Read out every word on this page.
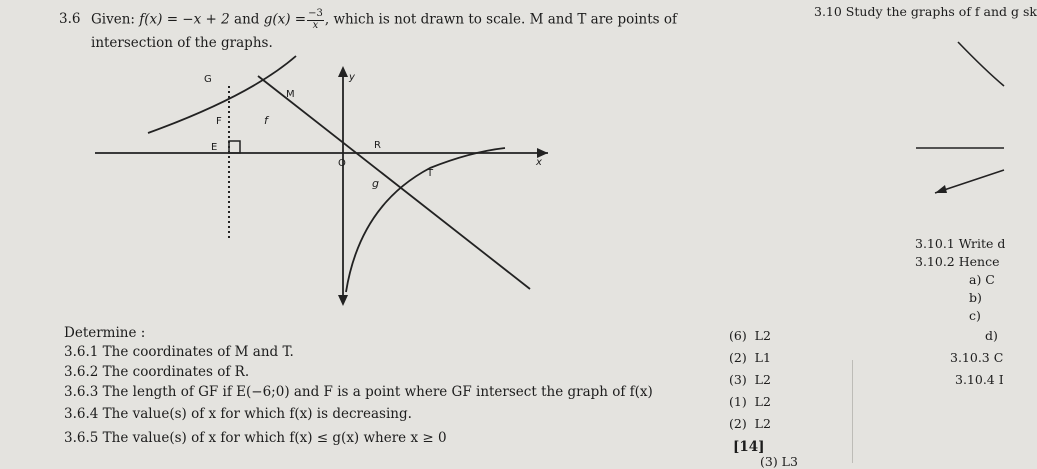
3.6 Given: f(x) = −x + 2 and $g(x) = \frac{-3}{x}$ , which is not drawn to scale. M and T are points of
intersection of the graphs.
G
M
F
E	R
T
O
f
g
y
x
Determine :
3.6.1 The coordinates of M and T.
3.6.2 The coordinates of R.
3.6.3 The length of GF if E(−6;0) and F is a point where GF intersect the graph of f(x)
3.6.4 The value(s) of x for which f(x) is decreasing.
3.6.5 The value(s) of x for which f(x) ≤ g(x) where x ≥ 0
(6) L2
(2) L1
(3) L2
(1) L2
(2) L2
[14]
(3) L3
3.10 Study the graphs of f and g sk
3.10.1 Write d
3.10.2 Hence
a) C
b)
c)
d)
3.10.3 C
3.10.4 I
